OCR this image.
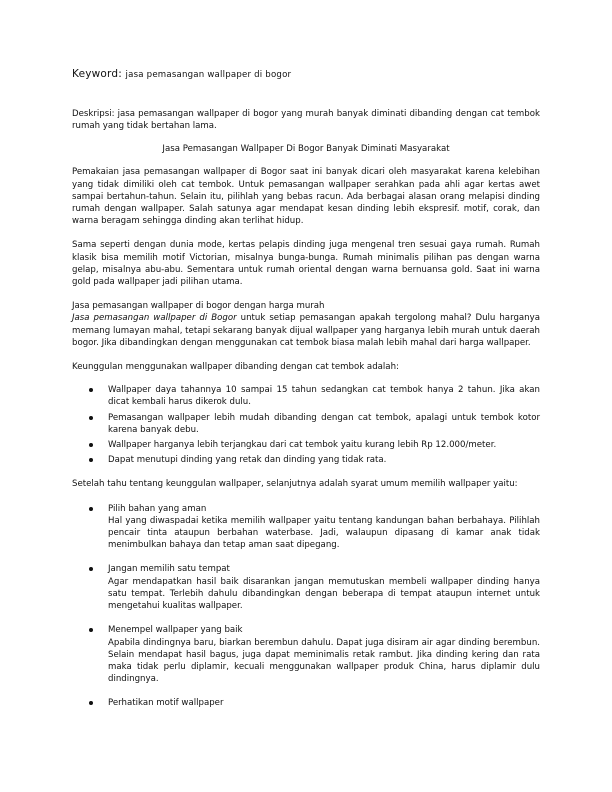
Keyword: jasa pemasangan wallpaper di bogor

Deskripsi: jasa pemasangan wallpaper di bogor yang murah banyak diminati dibanding dengan cat tembok rumah yang tidak bertahan lama.

Jasa Pemasangan Wallpaper Di Bogor Banyak Diminati Masyarakat

Pemakaian jasa pemasangan wallpaper di Bogor saat ini banyak dicari oleh masyarakat karena kelebihan yang tidak dimiliki oleh cat tembok. Untuk pemasangan wallpaper serahkan pada ahli agar kertas awet sampai bertahun-tahun. Selain itu, pilihlah yang bebas racun. Ada berbagai alasan orang melapisi dinding rumah dengan wallpaper. Salah satunya agar mendapat kesan dinding lebih ekspresif. motif, corak, dan warna beragam sehingga dinding akan terlihat hidup.

Sama seperti dengan dunia mode, kertas pelapis dinding juga mengenal tren sesuai gaya rumah. Rumah klasik bisa memilih motif Victorian, misalnya bunga-bunga. Rumah minimalis pilihan pas dengan warna gelap, misalnya abu-abu. Sementara untuk rumah oriental dengan warna bernuansa gold. Saat ini warna gold pada wallpaper jadi pilihan utama.

Jasa pemasangan wallpaper di bogor dengan harga murah

Jasa pemasangan wallpaper di Bogor untuk setiap pemasangan apakah tergolong mahal? Dulu harganya memang lumayan mahal, tetapi sekarang banyak dijual wallpaper yang harganya lebih murah untuk daerah bogor. Jika dibandingkan dengan menggunakan cat tembok biasa malah lebih mahal dari harga wallpaper.

Keunggulan menggunakan wallpaper dibanding dengan cat tembok adalah:

Wallpaper daya tahannya 10 sampai 15 tahun sedangkan cat tembok hanya 2 tahun. Jika akan dicat kembali harus dikerok dulu.
Pemasangan wallpaper lebih mudah dibanding dengan cat tembok, apalagi untuk tembok kotor karena banyak debu.
Wallpaper harganya lebih terjangkau dari cat tembok yaitu kurang lebih Rp 12.000/meter.
Dapat menutupi dinding yang retak dan dinding yang tidak rata.

Setelah tahu tentang keunggulan wallpaper, selanjutnya adalah syarat umum memilih wallpaper yaitu:

Pilih bahan yang aman
Hal yang diwaspadai ketika memilih wallpaper yaitu tentang kandungan bahan berbahaya. Pilihlah pencair tinta ataupun berbahan waterbase. Jadi, walaupun dipasang di kamar anak tidak menimbulkan bahaya dan tetap aman saat dipegang.
Jangan memilih satu tempat
Agar mendapatkan hasil baik disarankan jangan memutuskan membeli wallpaper dinding hanya satu tempat. Terlebih dahulu dibandingkan dengan beberapa di tempat ataupun internet untuk mengetahui kualitas wallpaper.
Menempel wallpaper yang baik
Apabila dindingnya baru, biarkan berembun dahulu. Dapat juga disiram air agar dinding berembun. Selain mendapat hasil bagus, juga dapat meminimalis retak rambut. Jika dinding kering dan rata maka tidak perlu diplamir, kecuali menggunakan wallpaper produk China, harus diplamir dulu dindingnya.
Perhatikan motif wallpaper
